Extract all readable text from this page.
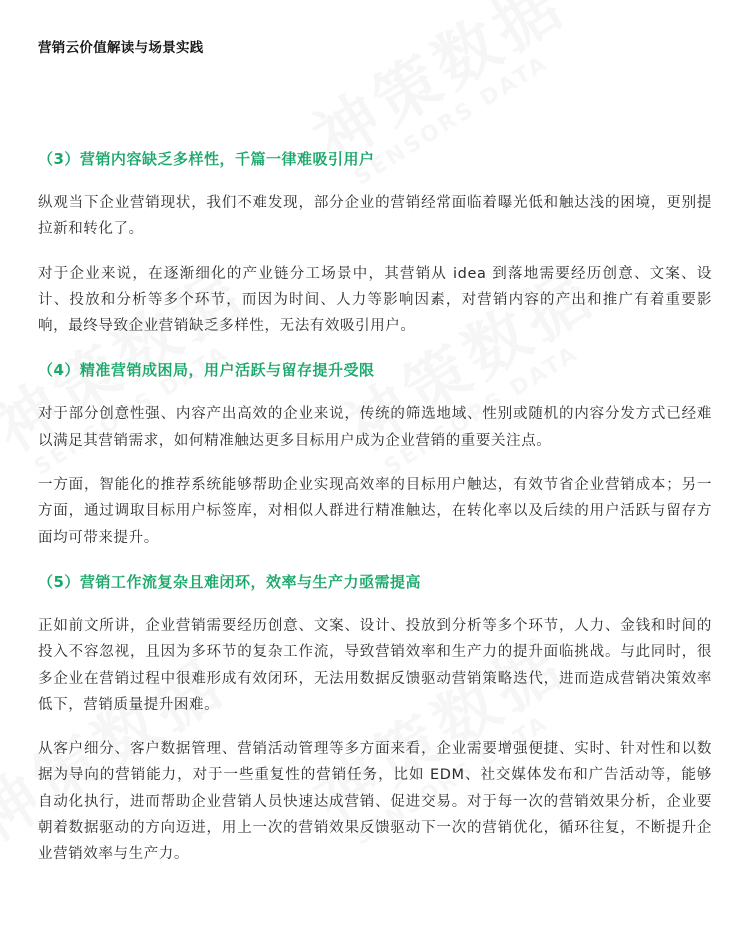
营销云价值解读与场景实践
（3）营销内容缺乏多样性，千篇一律难吸引用户

纵观当下企业营销现状，我们不难发现，部分企业的营销经常面临着曝光低和触达浅的困境，更别提拉新和转化了。

对于企业来说，在逐渐细化的产业链分工场景中，其营销从 idea 到落地需要经历创意、文案、设计、投放和分析等多个环节，而因为时间、人力等影响因素，对营销内容的产出和推广有着重要影响，最终导致企业营销缺乏多样性，无法有效吸引用户。

（4）精准营销成困局，用户活跃与留存提升受限

对于部分创意性强、内容产出高效的企业来说，传统的筛选地域、性别或随机的内容分发方式已经难以满足其营销需求，如何精准触达更多目标用户成为企业营销的重要关注点。

一方面，智能化的推荐系统能够帮助企业实现高效率的目标用户触达，有效节省企业营销成本；另一方面，通过调取目标用户标签库，对相似人群进行精准触达，在转化率以及后续的用户活跃与留存方面均可带来提升。

（5）营销工作流复杂且难闭环，效率与生产力亟需提高

正如前文所讲，企业营销需要经历创意、文案、设计、投放到分析等多个环节，人力、金钱和时间的投入不容忽视，且因为多环节的复杂工作流，导致营销效率和生产力的提升面临挑战。与此同时，很多企业在营销过程中很难形成有效闭环，无法用数据反馈驱动营销策略迭代，进而造成营销决策效率低下，营销质量提升困难。

从客户细分、客户数据管理、营销活动管理等多方面来看，企业需要增强便捷、实时、针对性和以数据为导向的营销能力，对于一些重复性的营销任务，比如 EDM、社交媒体发布和广告活动等，能够自动化执行，进而帮助企业营销人员快速达成营销、促进交易。对于每一次的营销效果分析，企业要朝着数据驱动的方向迈进，用上一次的营销效果反馈驱动下一次的营销优化，循环往复，不断提升企业营销效率与生产力。
